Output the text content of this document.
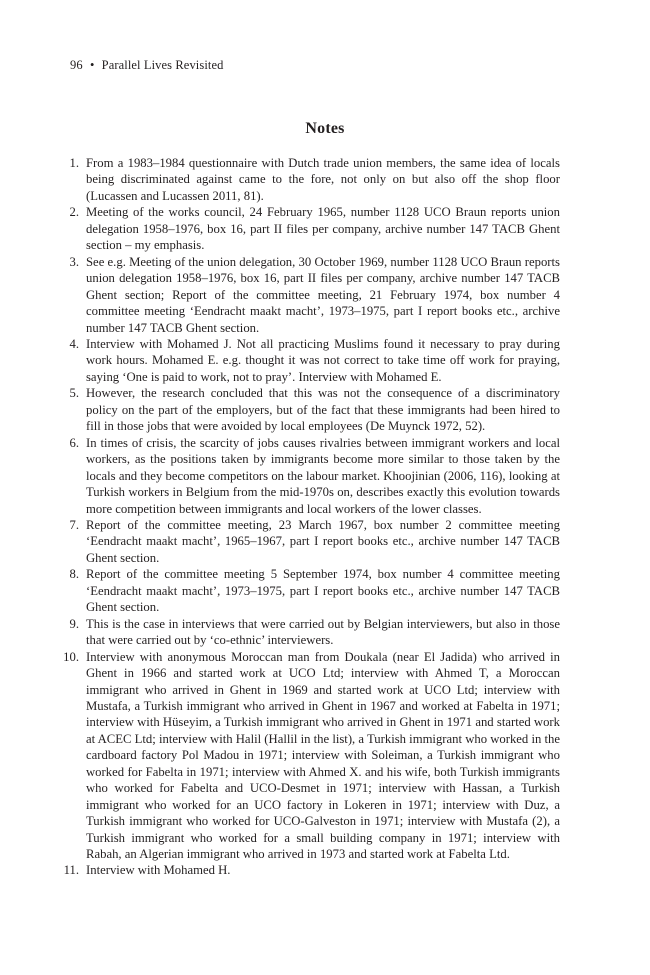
96 • Parallel Lives Revisited
Notes
1. From a 1983–1984 questionnaire with Dutch trade union members, the same idea of locals being discriminated against came to the fore, not only on but also off the shop floor (Lucassen and Lucassen 2011, 81).
2. Meeting of the works council, 24 February 1965, number 1128 UCO Braun reports union delegation 1958–1976, box 16, part II files per company, archive number 147 TACB Ghent section – my emphasis.
3. See e.g. Meeting of the union delegation, 30 October 1969, number 1128 UCO Braun reports union delegation 1958–1976, box 16, part II files per company, archive number 147 TACB Ghent section; Report of the committee meeting, 21 February 1974, box number 4 committee meeting ‘Eendracht maakt macht’, 1973–1975, part I report books etc., archive number 147 TACB Ghent section.
4. Interview with Mohamed J. Not all practicing Muslims found it necessary to pray during work hours. Mohamed E. e.g. thought it was not correct to take time off work for praying, saying ‘One is paid to work, not to pray’. Interview with Mohamed E.
5. However, the research concluded that this was not the consequence of a discriminatory policy on the part of the employers, but of the fact that these immigrants had been hired to fill in those jobs that were avoided by local employees (De Muynck 1972, 52).
6. In times of crisis, the scarcity of jobs causes rivalries between immigrant workers and local workers, as the positions taken by immigrants become more similar to those taken by the locals and they become competitors on the labour market. Khoojinian (2006, 116), looking at Turkish workers in Belgium from the mid-1970s on, describes exactly this evolution towards more competition between immigrants and local workers of the lower classes.
7. Report of the committee meeting, 23 March 1967, box number 2 committee meeting ‘Eendracht maakt macht’, 1965–1967, part I report books etc., archive number 147 TACB Ghent section.
8. Report of the committee meeting 5 September 1974, box number 4 committee meeting ‘Eendracht maakt macht’, 1973–1975, part I report books etc., archive number 147 TACB Ghent section.
9. This is the case in interviews that were carried out by Belgian interviewers, but also in those that were carried out by ‘co-ethnic’ interviewers.
10. Interview with anonymous Moroccan man from Doukala (near El Jadida) who arrived in Ghent in 1966 and started work at UCO Ltd; interview with Ahmed T, a Moroccan immigrant who arrived in Ghent in 1969 and started work at UCO Ltd; interview with Mustafa, a Turkish immigrant who arrived in Ghent in 1967 and worked at Fabelta in 1971; interview with Hüseyim, a Turkish immigrant who arrived in Ghent in 1971 and started work at ACEC Ltd; interview with Halil (Hallil in the list), a Turkish immigrant who worked in the cardboard factory Pol Madou in 1971; interview with Soleiman, a Turkish immigrant who worked for Fabelta in 1971; interview with Ahmed X. and his wife, both Turkish immigrants who worked for Fabelta and UCO-Desmet in 1971; interview with Hassan, a Turkish immigrant who worked for an UCO factory in Lokeren in 1971; interview with Duz, a Turkish immigrant who worked for UCO-Galveston in 1971; interview with Mustafa (2), a Turkish immigrant who worked for a small building company in 1971; interview with Rabah, an Algerian immigrant who arrived in 1973 and started work at Fabelta Ltd.
11. Interview with Mohamed H.
